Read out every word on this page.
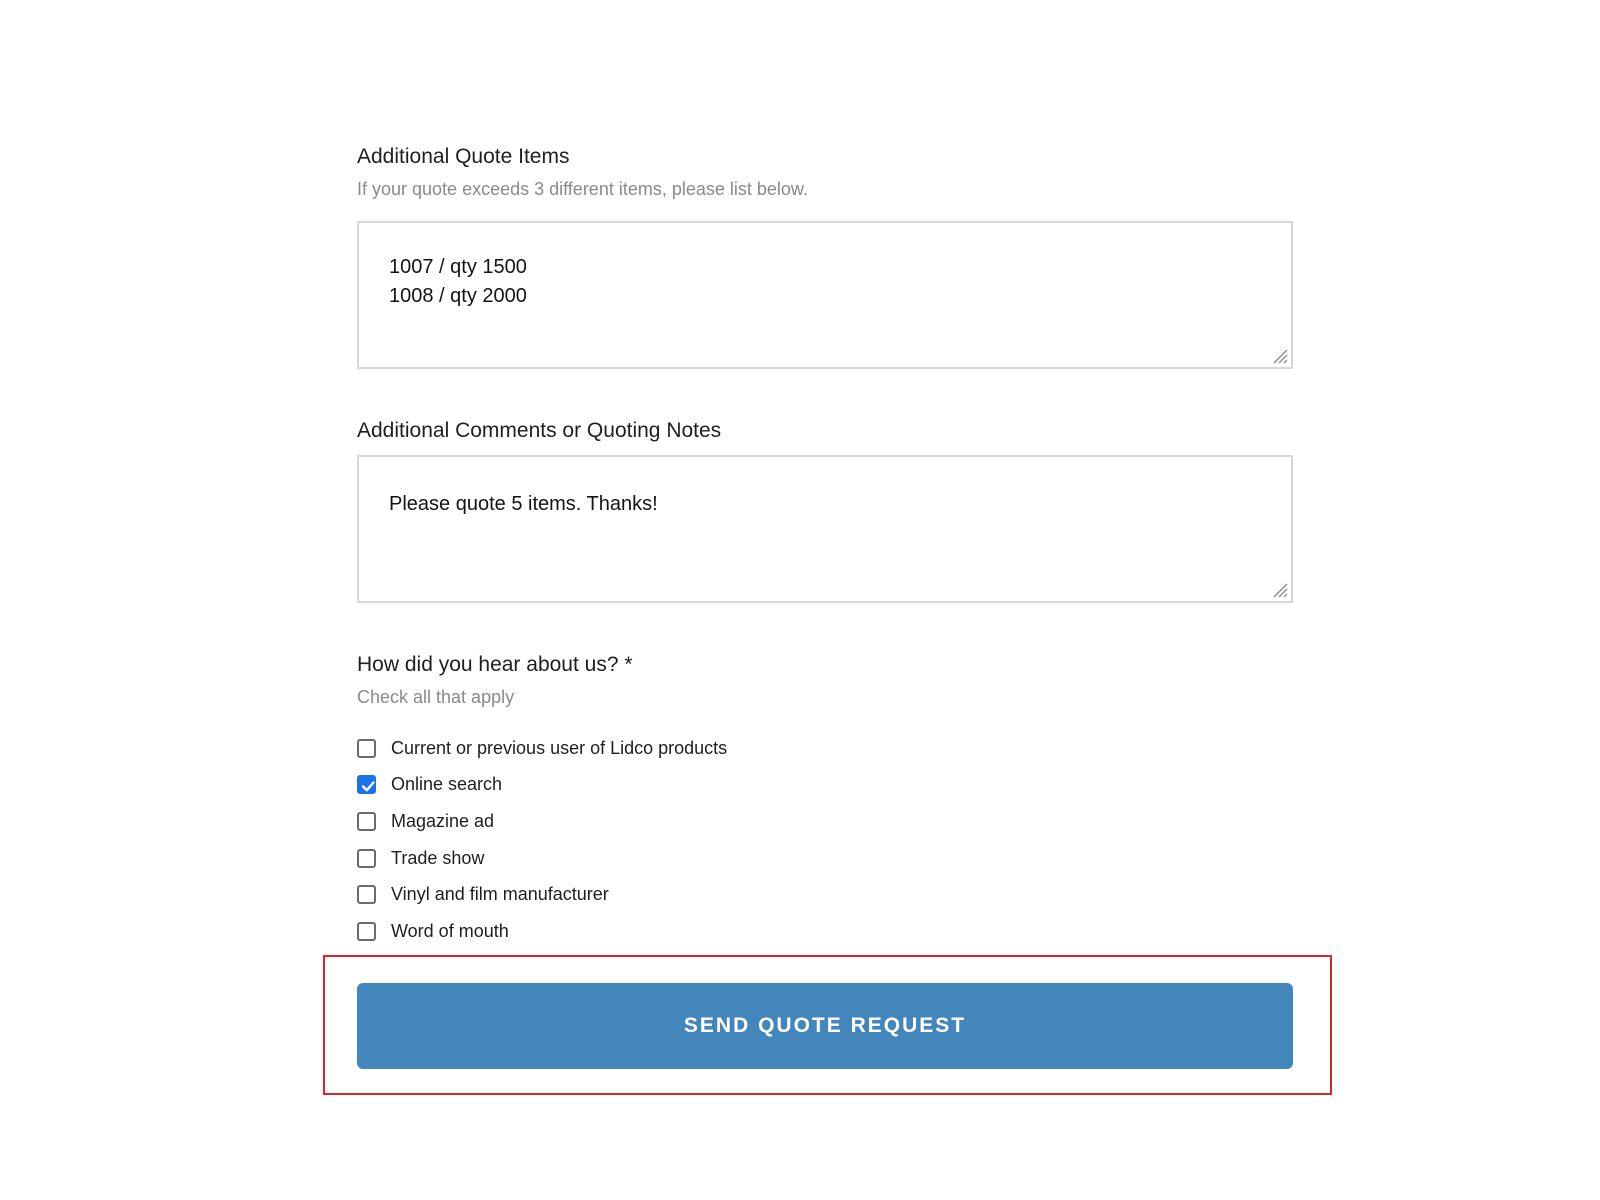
Additional Quote Items
If your quote exceeds 3 different items, please list below.
1007 / qty 1500
1008 / qty 2000
Additional Comments or Quoting Notes
Please quote 5 items. Thanks!
How did you hear about us? *
Check all that apply
Current or previous user of Lidco products
Online search
Magazine ad
Trade show
Vinyl and film manufacturer
Word of mouth
SEND QUOTE REQUEST
